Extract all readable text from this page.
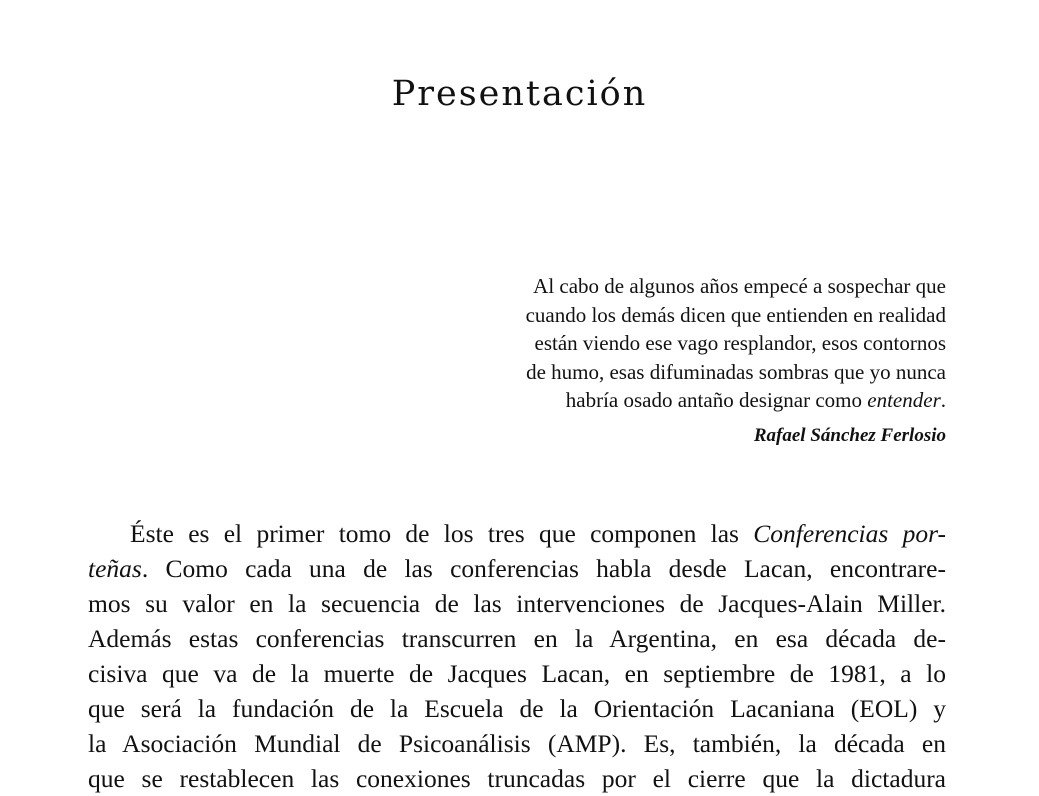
Presentación
Al cabo de algunos años empecé a sospechar que
cuando los demás dicen que entienden en realidad
están viendo ese vago resplandor, esos contornos
de humo, esas difuminadas sombras que yo nunca
habría osado antaño designar como entender.
Rafael Sánchez Ferlosio
Éste es el primer tomo de los tres que componen las Conferencias por-
teñas. Como cada una de las conferencias habla desde Lacan, encontrare-
mos su valor en la secuencia de las intervenciones de Jacques-Alain Miller.
Además estas conferencias transcurren en la Argentina, en esa década de-
cisiva que va de la muerte de Jacques Lacan, en septiembre de 1981, a lo
que será la fundación de la Escuela de la Orientación Lacaniana (EOL) y
la Asociación Mundial de Psicoanálisis (AMP). Es, también, la década en
que se restablecen las conexiones truncadas por el cierre que la dictadura
